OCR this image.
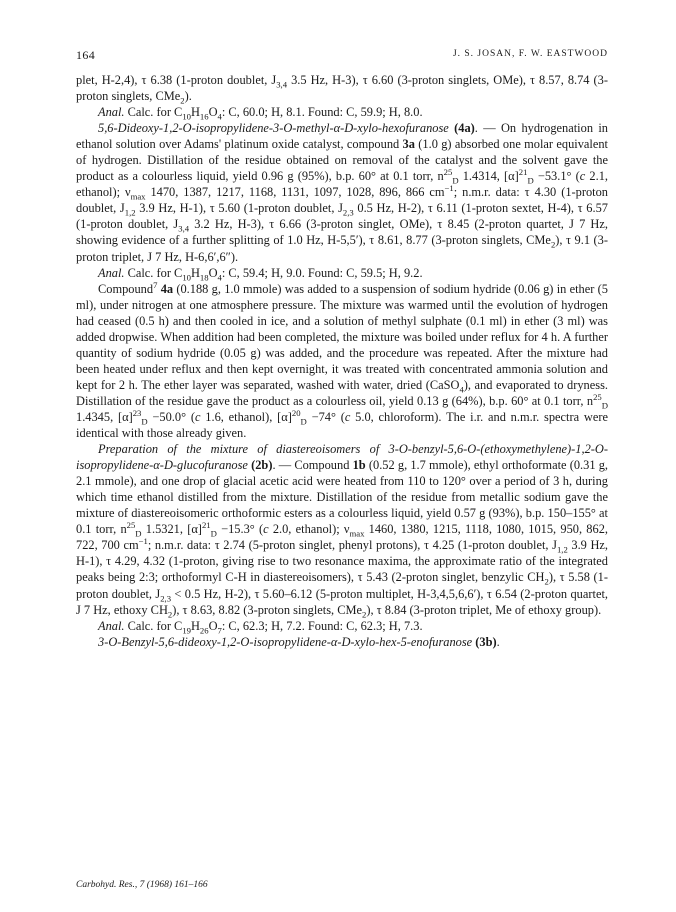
164	J. S. JOSAN, F. W. EASTWOOD

plet, H-2,4), τ 6.38 (1-proton doublet, $J_{3,4}$ 3.5 Hz, H-3), τ 6.60 (3-proton singlets, OMe), τ 8.57, 8.74 (3-proton singlets, CMe$_2$).

Anal. Calc. for $C_{10}H_{16}O_4$: C, 60.0; H, 8.1. Found: C, 59.9; H, 8.0.

5,6-Dideoxy-1,2-O-isopropylidene-3-O-methyl-α-D-xylo-hexofuranose (4a). — On hydrogenation in ethanol solution over Adams' platinum oxide catalyst, compound 3a (1.0 g) absorbed one molar equivalent of hydrogen. Distillation of the residue obtained on removal of the catalyst and the solvent gave the product as a colourless liquid, yield 0.96 g (95%), b.p. 60° at 0.1 torr, $n^{25}_D$ 1.4314, $[\alpha]^{21}_D -53.1^\circ$ (c 2.1, ethanol); $\nu_{max}$ 1470, 1387, 1217, 1168, 1131, 1097, 1028, 896, 866 $cm^{-1}$; n.m.r. data: τ 4.30 (1-proton doublet, $J_{1,2}$ 3.9 Hz, H-1), τ 5.60 (1-proton doublet, $J_{2,3}$ 0.5 Hz, H-2), τ 6.11 (1-proton sextet, H-4), τ 6.57 (1-proton doublet, $J_{3,4}$ 3.2 Hz, H-3), τ 6.66 (3-proton singlet, OMe), τ 8.45 (2-proton quartet, J 7 Hz, showing evidence of a further splitting of 1.0 Hz, H-5,5′), τ 8.61, 8.77 (3-proton singlets, CMe$_2$), τ 9.1 (3-proton triplet, J 7 Hz, H-6,6′,6″).

Anal. Calc. for $C_{10}H_{18}O_4$: C, 59.4; H, 9.0. Found: C, 59.5; H, 9.2.

Compound$^7$ 4a (0.188 g, 1.0 mmole) was added to a suspension of sodium hydride (0.06 g) in ether (5 ml), under nitrogen at one atmosphere pressure. The mixture was warmed until the evolution of hydrogen had ceased (0.5 h) and then cooled in ice, and a solution of methyl sulphate (0.1 ml) in ether (3 ml) was added dropwise. When addition had been completed, the mixture was boiled under reflux for 4 h. A further quantity of sodium hydride (0.05 g) was added, and the procedure was repeated. After the mixture had been heated under reflux and then kept overnight, it was treated with concentrated ammonia solution and kept for 2 h. The ether layer was separated, washed with water, dried (CaSO$_4$), and evaporated to dryness. Distillation of the residue gave the product as a colourless oil, yield 0.13 g (64%), b.p. 60° at 0.1 torr, $n^{25}_D$ 1.4345, $[\alpha]^{23}_D -50.0^\circ$ (c 1.6, ethanol), $[\alpha]^{20}_D -74^\circ$ (c 5.0, chloroform). The i.r. and n.m.r. spectra were identical with those already given.

Preparation of the mixture of diastereoisomers of 3-O-benzyl-5,6-O-(ethoxymethylene)-1,2-O-isopropylidene-α-D-glucofuranose (2b). — Compound 1b (0.52 g, 1.7 mmole), ethyl orthoformate (0.31 g, 2.1 mmole), and one drop of glacial acetic acid were heated from 110 to 120° over a period of 3 h, during which time ethanol distilled from the mixture. Distillation of the residue from metallic sodium gave the mixture of diastereoisomeric orthoformic esters as a colourless liquid, yield 0.57 g (93%), b.p. 150–155° at 0.1 torr, $n^{25}_D$ 1.5321, $[\alpha]^{21}_D -15.3^\circ$ (c 2.0, ethanol); $\nu_{max}$ 1460, 1380, 1215, 1118, 1080, 1015, 950, 862, 722, 700 $cm^{-1}$; n.m.r. data: τ 2.74 (5-proton singlet, phenyl protons), τ 4.25 (1-proton doublet, $J_{1,2}$ 3.9 Hz, H-1), τ 4.29, 4.32 (1-proton, giving rise to two resonance maxima, the approximate ratio of the integrated peaks being 2:3; orthoformyl C-H in diastereoisomers), τ 5.43 (2-proton singlet, benzylic $CH_2$), τ 5.58 (1-proton doublet, $J_{2,3} < 0.5$ Hz, H-2), τ 5.60–6.12 (5-proton multiplet, H-3,4,5,6,6′), τ 6.54 (2-proton quartet, J 7 Hz, ethoxy $CH_2$), τ 8.63, 8.82 (3-proton singlets, CMe$_2$), τ 8.84 (3-proton triplet, Me of ethoxy group).

Anal. Calc. for $C_{19}H_{26}O_7$: C, 62.3; H, 7.2. Found: C, 62.3; H, 7.3.

3-O-Benzyl-5,6-dideoxy-1,2-O-isopropylidene-α-D-xylo-hex-5-enofuranose (3b).

Carbohyd. Res., 7 (1968) 161–166
